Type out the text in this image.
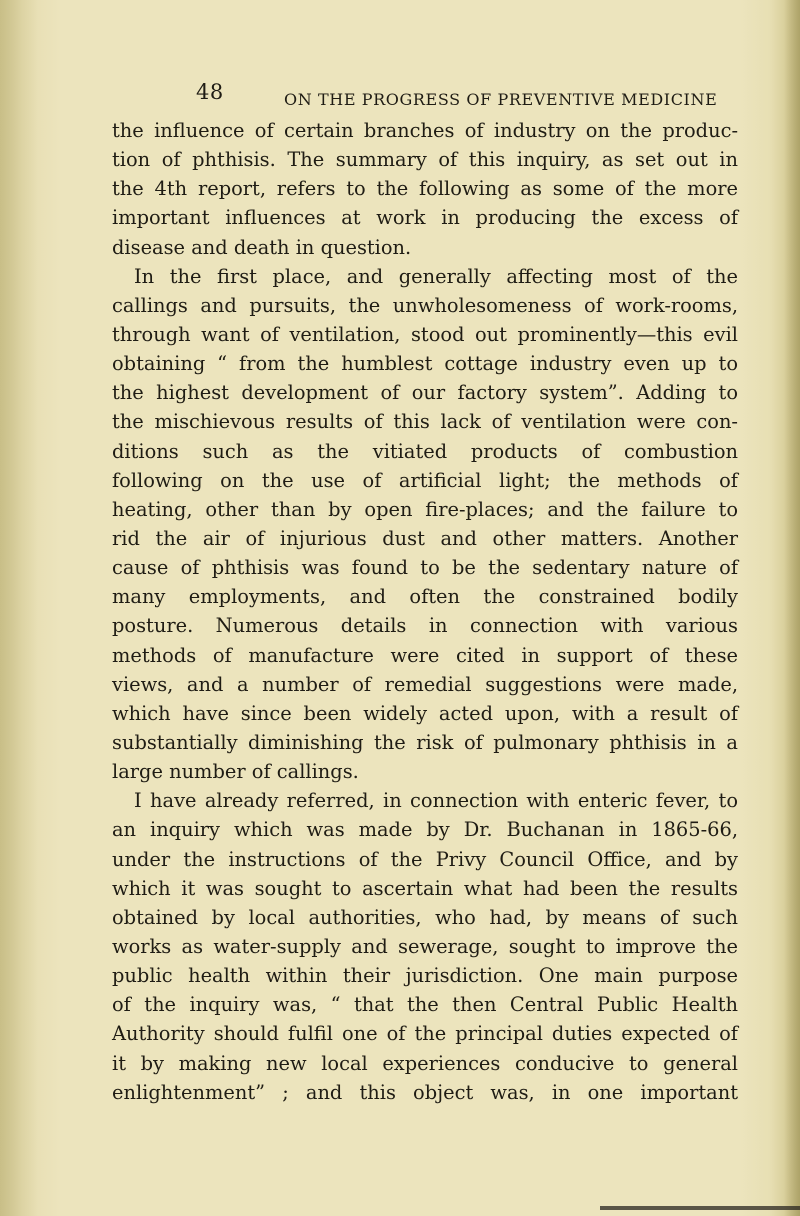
48	ON THE PROGRESS OF PREVENTIVE MEDICINE
the influence of certain branches of industry on the produc-
tion of phthisis. The summary of this inquiry, as set out in
the 4th report, refers to the following as some of the more
important influences at work in producing the excess of
disease and death in question.
In the first place, and generally affecting most of the
callings and pursuits, the unwholesomeness of work-rooms,
through want of ventilation, stood out prominently—this evil
obtaining “ from the humblest cottage industry even up to
the highest development of our factory system”. Adding to
the mischievous results of this lack of ventilation were con-
ditions such as the vitiated products of combustion
following on the use of artificial light; the methods of
heating, other than by open fire-places; and the failure to
rid the air of injurious dust and other matters. Another
cause of phthisis was found to be the sedentary nature of
many employments, and often the constrained bodily
posture. Numerous details in connection with various
methods of manufacture were cited in support of these
views, and a number of remedial suggestions were made,
which have since been widely acted upon, with a result of
substantially diminishing the risk of pulmonary phthisis in a
large number of callings.
I have already referred, in connection with enteric fever, to
an inquiry which was made by Dr. Buchanan in 1865-66,
under the instructions of the Privy Council Office, and by
which it was sought to ascertain what had been the results
obtained by local authorities, who had, by means of such
works as water-supply and sewerage, sought to improve the
public health within their jurisdiction. One main purpose
of the inquiry was, “ that the then Central Public Health
Authority should fulfil one of the principal duties expected of
it by making new local experiences conducive to general
enlightenment” ; and this object was, in one important
